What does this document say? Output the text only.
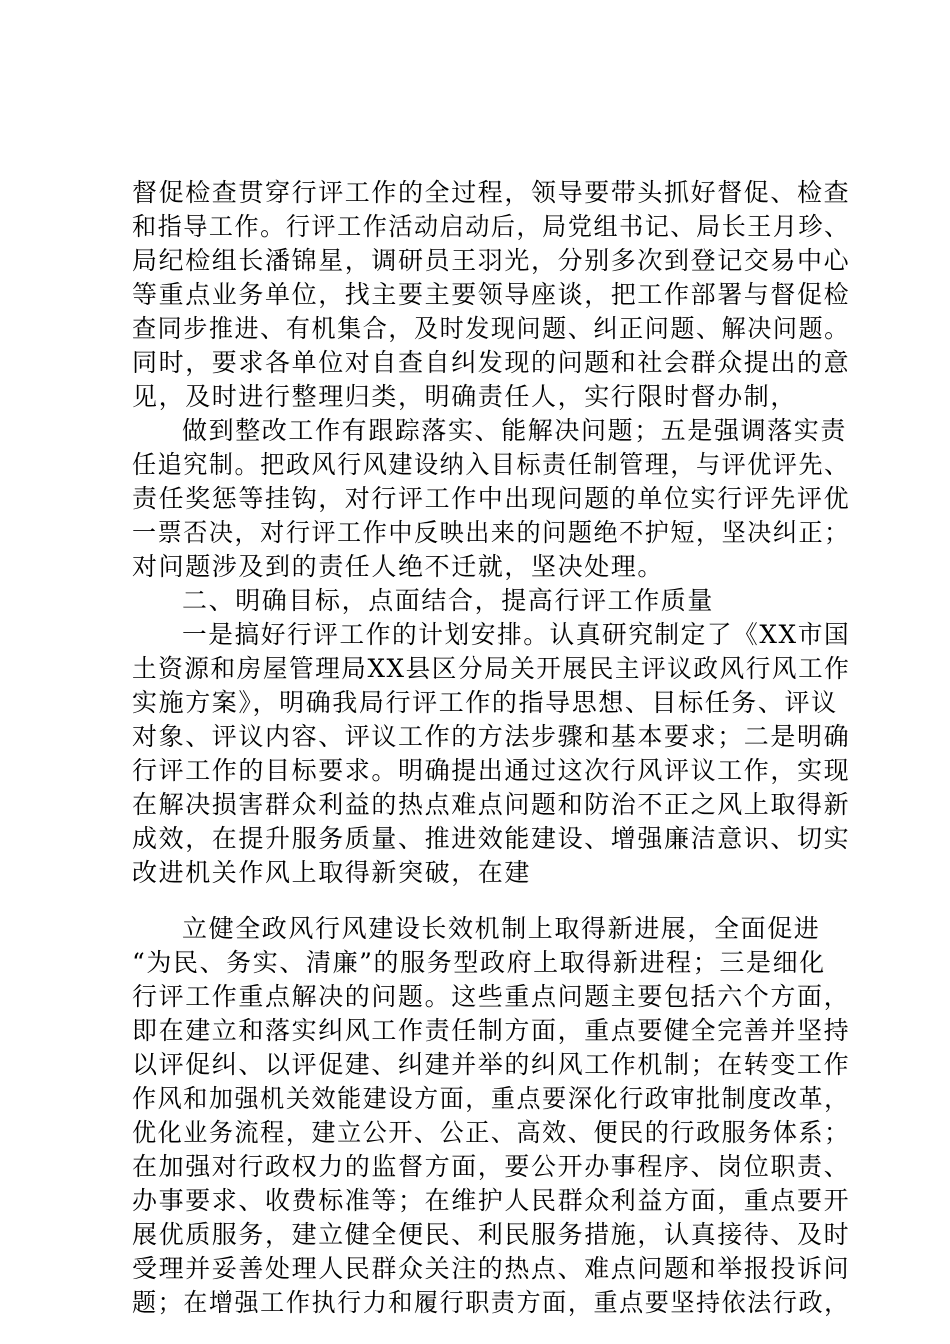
督促检查贯穿行评工作的全过程，领导要带头抓好督促、检查
和指导工作。行评工作活动启动后，局党组书记、局长王月珍、
局纪检组长潘锦星，调研员王羽光，分别多次到登记交易中心
等重点业务单位，找主要主要领导座谈，把工作部署与督促检
查同步推进、有机集合，及时发现问题、纠正问题、解决问题。
同时，要求各单位对自查自纠发现的问题和社会群众提出的意
见，及时进行整理归类，明确责任人，实行限时督办制，
做到整改工作有跟踪落实、能解决问题；五是强调落实责
任追究制。把政风行风建设纳入目标责任制管理，与评优评先、
责任奖惩等挂钩，对行评工作中出现问题的单位实行评先评优
一票否决，对行评工作中反映出来的问题绝不护短，坚决纠正；
对问题涉及到的责任人绝不迁就，坚决处理。
二、明确目标，点面结合，提高行评工作质量
一是搞好行评工作的计划安排。认真研究制定了《XX市国
土资源和房屋管理局XX县区分局关开展民主评议政风行风工作
实施方案》，明确我局行评工作的指导思想、目标任务、评议
对象、评议内容、评议工作的方法步骤和基本要求；二是明确
行评工作的目标要求。明确提出通过这次行风评议工作，实现
在解决损害群众利益的热点难点问题和防治不正之风上取得新
成效，在提升服务质量、推进效能建设、增强廉洁意识、切实
改进机关作风上取得新突破，在建
立健全政风行风建设长效机制上取得新进展，全面促进
“为民、务实、清廉”的服务型政府上取得新进程；三是细化
行评工作重点解决的问题。这些重点问题主要包括六个方面，
即在建立和落实纠风工作责任制方面，重点要健全完善并坚持
以评促纠、以评促建、纠建并举的纠风工作机制；在转变工作
作风和加强机关效能建设方面，重点要深化行政审批制度改革，
优化业务流程，建立公开、公正、高效、便民的行政服务体系；
在加强对行政权力的监督方面，要公开办事程序、岗位职责、
办事要求、收费标准等；在维护人民群众利益方面，重点要开
展优质服务，建立健全便民、利民服务措施，认真接待、及时
受理并妥善处理人民群众关注的热点、难点问题和举报投诉问
题；在增强工作执行力和履行职责方面，重点要坚持依法行政，
